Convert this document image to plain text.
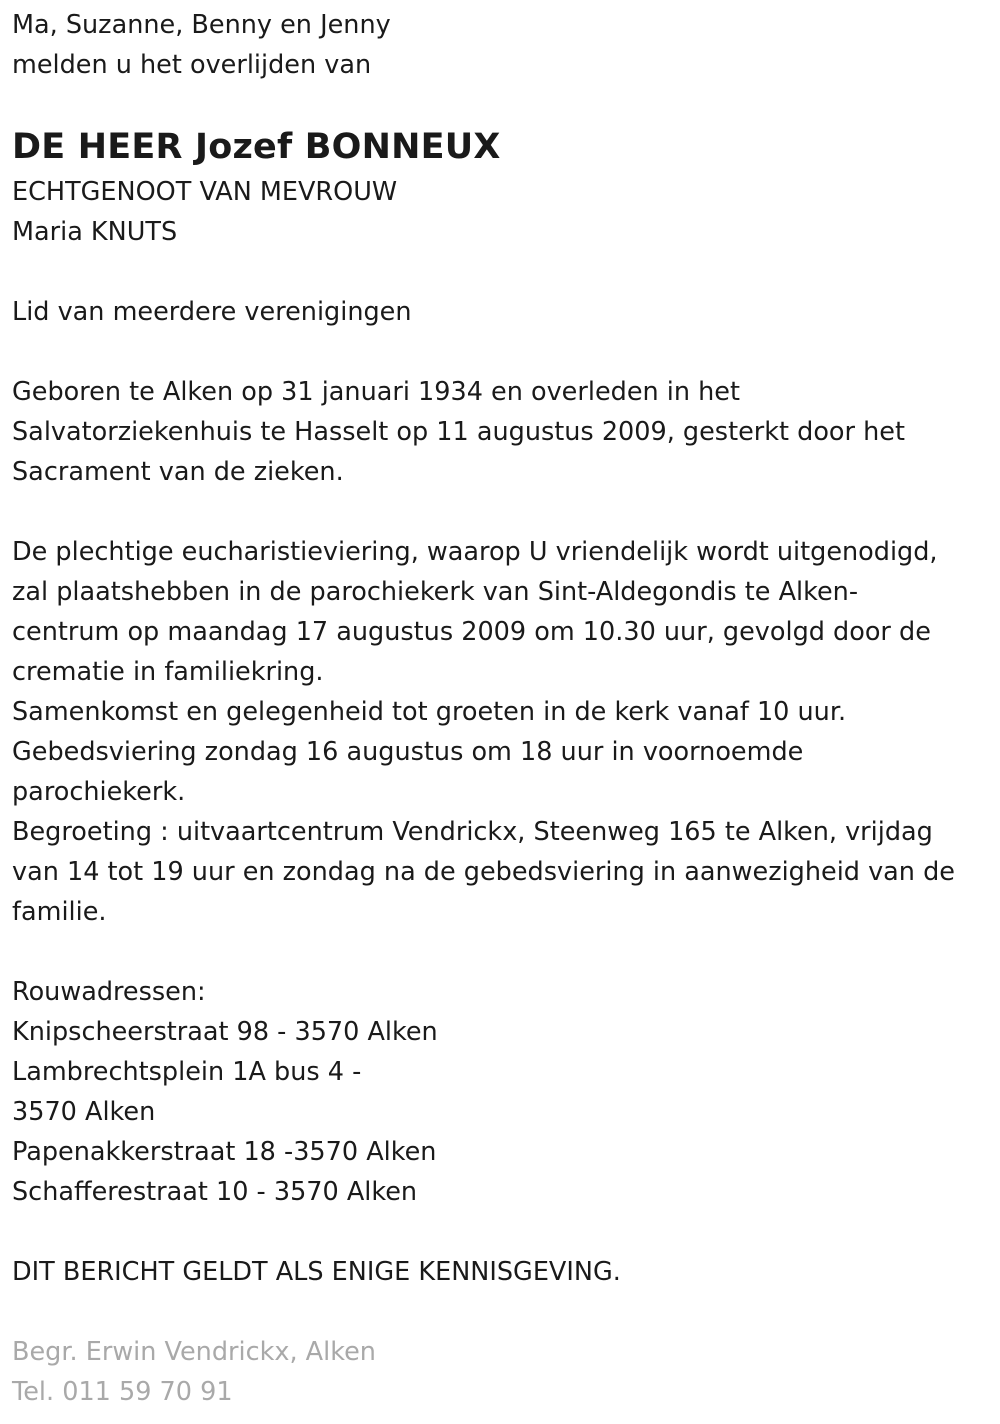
Ma, Suzanne, Benny en Jenny
melden u het overlijden van
DE HEER Jozef BONNEUX
ECHTGENOOT VAN MEVROUW
Maria KNUTS
Lid van meerdere verenigingen
Geboren te Alken op 31 januari 1934 en overleden in het
Salvatorziekenhuis te Hasselt op 11 augustus 2009, gesterkt door het
Sacrament van de zieken.
De plechtige eucharistieviering, waarop U vriendelijk wordt uitgenodigd,
zal plaatshebben in de parochiekerk van Sint-Aldegondis te Alken-
centrum op maandag 17 augustus 2009 om 10.30 uur, gevolgd door de
crematie in familiekring.
Samenkomst en gelegenheid tot groeten in de kerk vanaf 10 uur.
Gebedsviering zondag 16 augustus om 18 uur in voornoemde
parochiekerk.
Begroeting : uitvaartcentrum Vendrickx, Steenweg 165 te Alken, vrijdag
van 14 tot 19 uur en zondag na de gebedsviering in aanwezigheid van de
familie.
Rouwadressen:
Knipscheerstraat 98 - 3570 Alken
Lambrechtsplein 1A bus 4 -
3570 Alken
Papenakkerstraat 18 -3570 Alken
Schafferestraat 10 - 3570 Alken
DIT BERICHT GELDT ALS ENIGE KENNISGEVING.
Begr. Erwin Vendrickx, Alken
Tel. 011 59 70 91
